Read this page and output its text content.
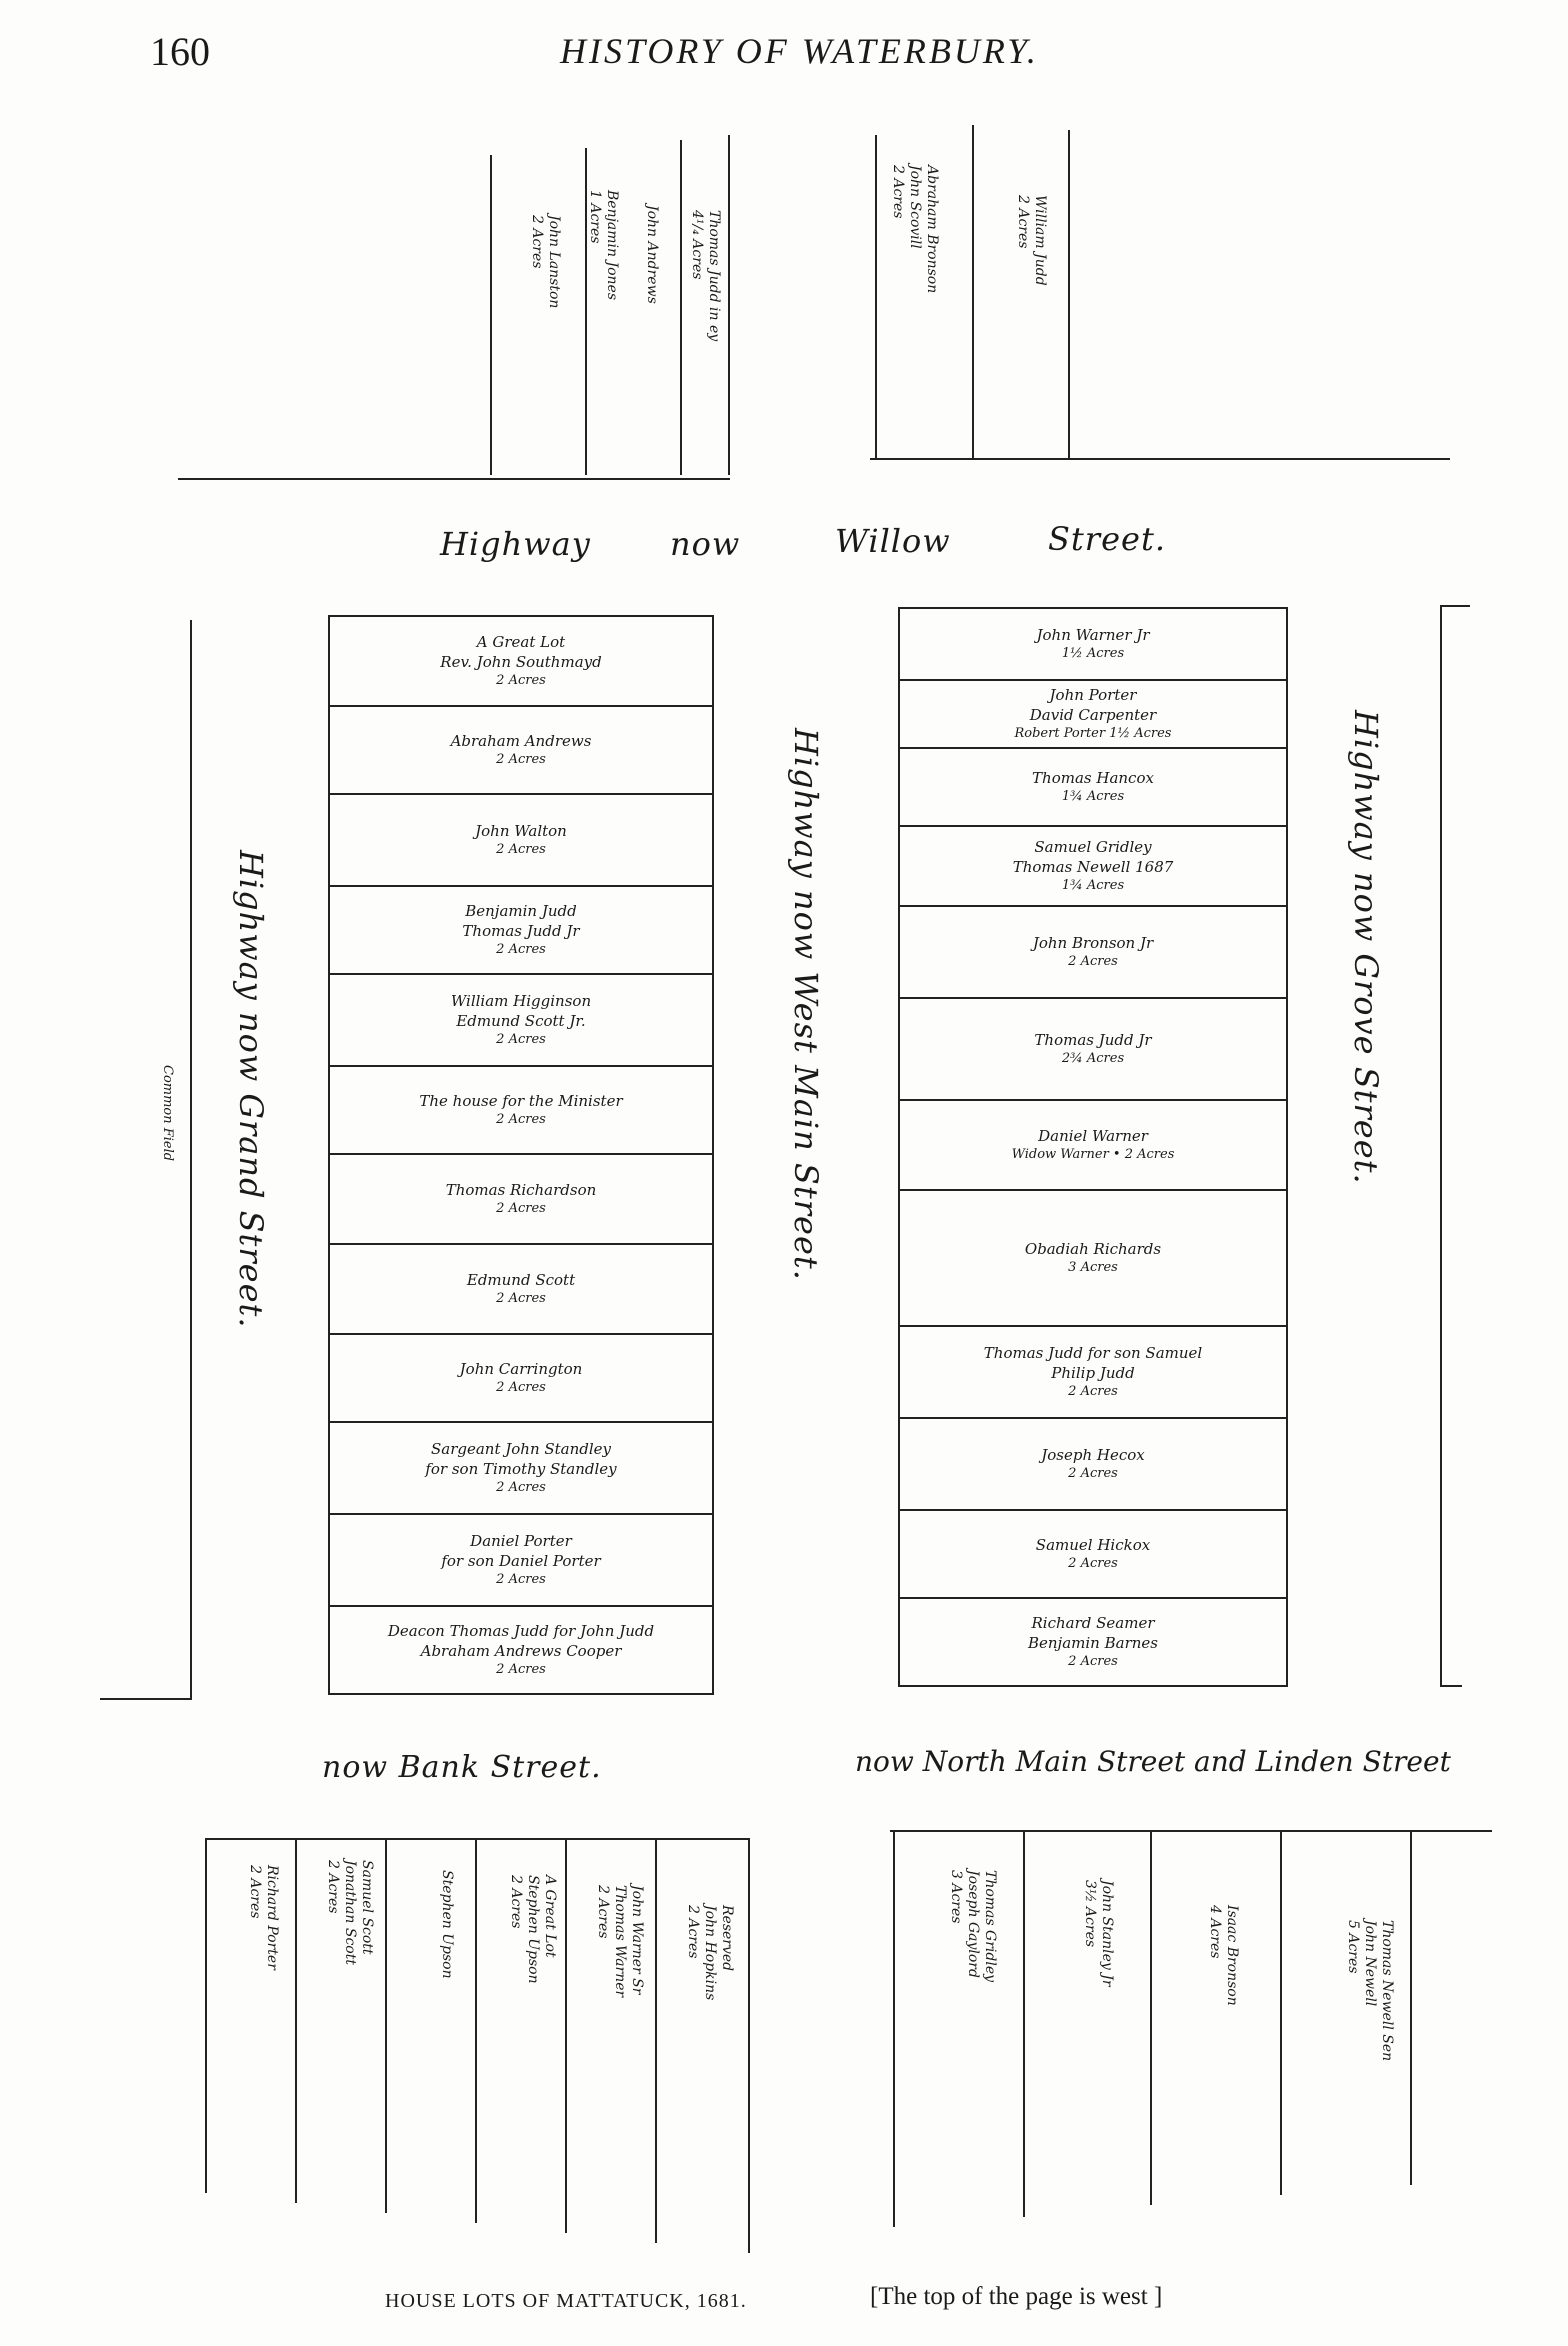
160	HISTORY OF WATERBURY.
Thomas Judd in ey
4¹/₄ Acres
John Andrews
Benjamin Jones
1 Acres
John Lanston
2 Acres	William Judd
2 Acres
Abraham Bronson
John Scovill
2 Acres
Highway now	Willow	Street.
Highway now Grand Street.	Highway now West Main Street.	Highway now Grove Street.
Common Field
A Great Lot
Rev. John Southmayd
2 Acres
Abraham Andrews
2 Acres
John Walton
2 Acres
Benjamin Judd
Thomas Judd Jr
2 Acres
William Higginson
Edmund Scott Jr.
2 Acres
The house for the Minister
2 Acres
Thomas Richardson
2 Acres
Edmund Scott
2 Acres
John Carrington
2 Acres
Sargeant John Standley
for son Timothy Standley
2 Acres
Daniel Porter
for son Daniel Porter
2 Acres
Deacon Thomas Judd for John Judd
Abraham Andrews Cooper
2 Acres
John Warner Jr
1½ Acres
John Porter
David Carpenter
Robert Porter 1½ Acres
Thomas Hancox
1¾ Acres
Samuel Gridley
Thomas Newell 1687
1¾ Acres
John Bronson Jr
2 Acres
Thomas Judd Jr
2¾ Acres
Daniel Warner
Widow Warner • 2 Acres
Obadiah Richards
3 Acres
Thomas Judd for son Samuel
Philip Judd
2 Acres
Joseph Hecox
2 Acres
Samuel Hickox
2 Acres
Richard Seamer
Benjamin Barnes
2 Acres
now Bank Street.	now North Main Street and Linden Street
Reserved
John Hopkins
2 Acres
John Warner Sr
Thomas Warner
2 Acres
A Great Lot
Stephen Upson
2 Acres
Stephen Upson
Samuel Scott
Jonathan Scott
2 Acres
Richard Porter
2 Acres
Thomas Newell Sen
John Newell
5 Acres
Isaac Bronson
4 Acres
John Stanley Jr
3½ Acres
Thomas Gridley
Joseph Gaylord
3 Acres
HOUSE LOTS OF MATTATUCK, 1681.	[The top of the page is west ]
